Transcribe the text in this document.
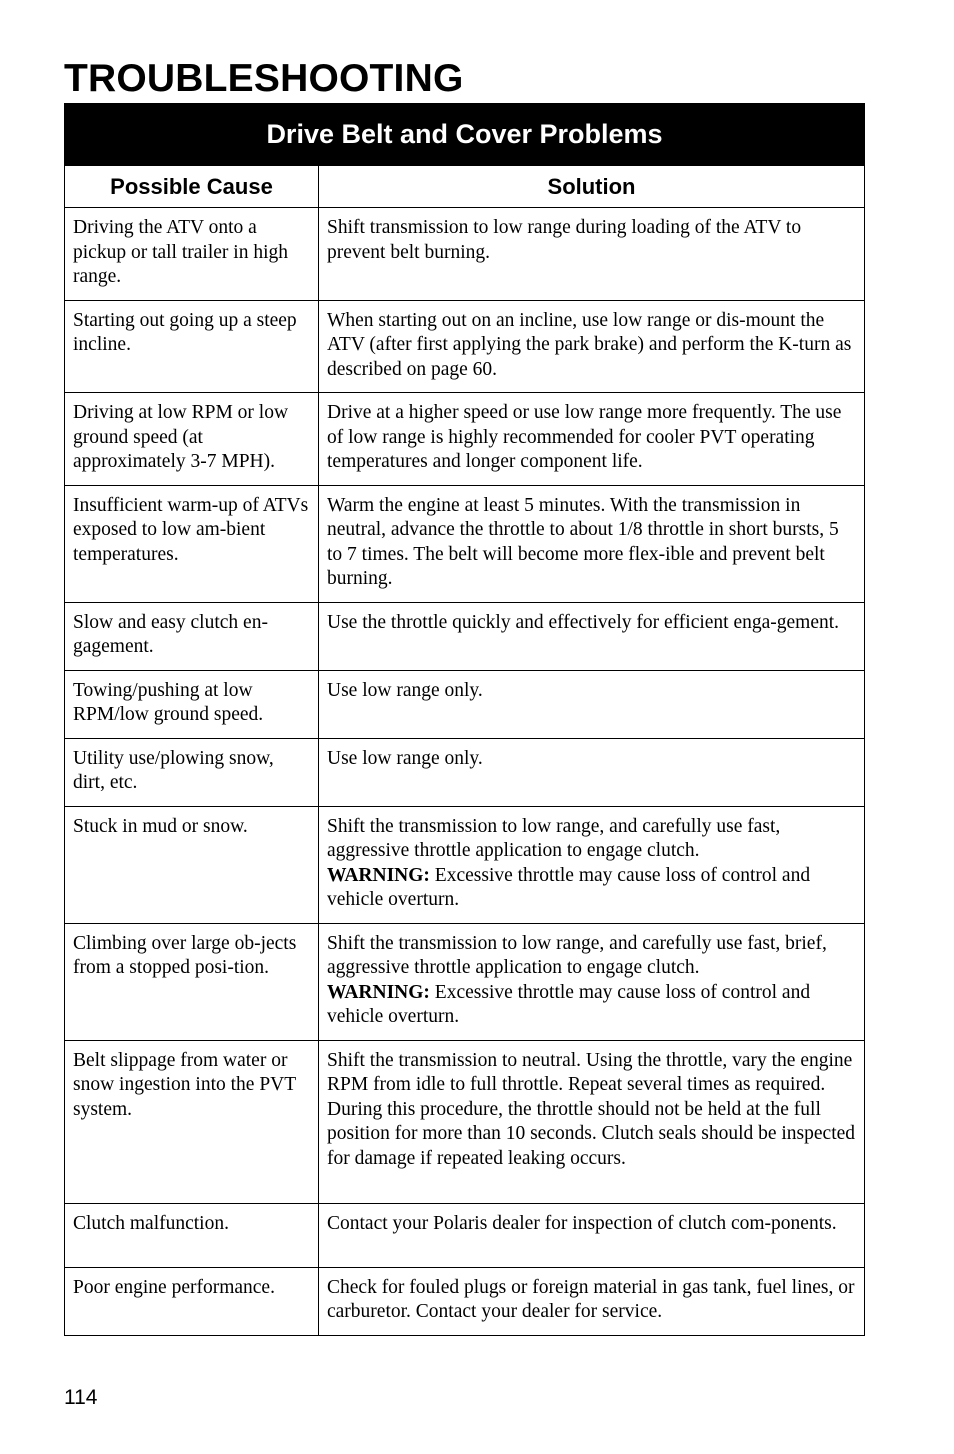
TROUBLESHOOTING
Drive Belt and Cover Problems	
Possible Cause	Solution
Driving the ATV onto a pickup or tall trailer in high range.	Shift transmission to low range during loading of the ATV to prevent belt burning.
Starting out going up a steep incline.	When starting out on an incline, use low range or dis-mount the ATV (after first applying the park brake) and perform the K-turn as described on page 60.
Driving at low RPM or low ground speed (at approximately 3-7 MPH).	Drive at a higher speed or use low range more frequently. The use of low range is highly recommended for cooler PVT operating temperatures and longer component life.
Insufficient warm-up of ATVs exposed to low am-bient temperatures.	Warm the engine at least 5 minutes. With the transmission in neutral, advance the throttle to about 1/8 throttle in short bursts, 5 to 7 times. The belt will become more flex-ible and prevent belt burning.
Slow and easy clutch en-gagement.	Use the throttle quickly and effectively for efficient enga-gement.
Towing/pushing at low RPM/low ground speed.	Use low range only.
Utility use/plowing snow, dirt, etc.	Use low range only.
Stuck in mud or snow.	Shift the transmission to low range, and carefully use fast, aggressive throttle application to engage clutch.
WARNING: Excessive throttle may cause loss of control and vehicle overturn.
Climbing over large ob-jects from a stopped posi-tion.	Shift the transmission to low range, and carefully use fast, brief, aggressive throttle application to engage clutch.
WARNING: Excessive throttle may cause loss of control and vehicle overturn.
Belt slippage from water or snow ingestion into the PVT system.	Shift the transmission to neutral. Using the throttle, vary the engine RPM from idle to full throttle. Repeat several times as required. During this procedure, the throttle should not be held at the full position for more than 10 seconds. Clutch seals should be inspected for damage if repeated leaking occurs.
Clutch malfunction.	Contact your Polaris dealer for inspection of clutch com-ponents.
Poor engine performance.	Check for fouled plugs or foreign material in gas tank, fuel lines, or carburetor. Contact your dealer for service.
114
